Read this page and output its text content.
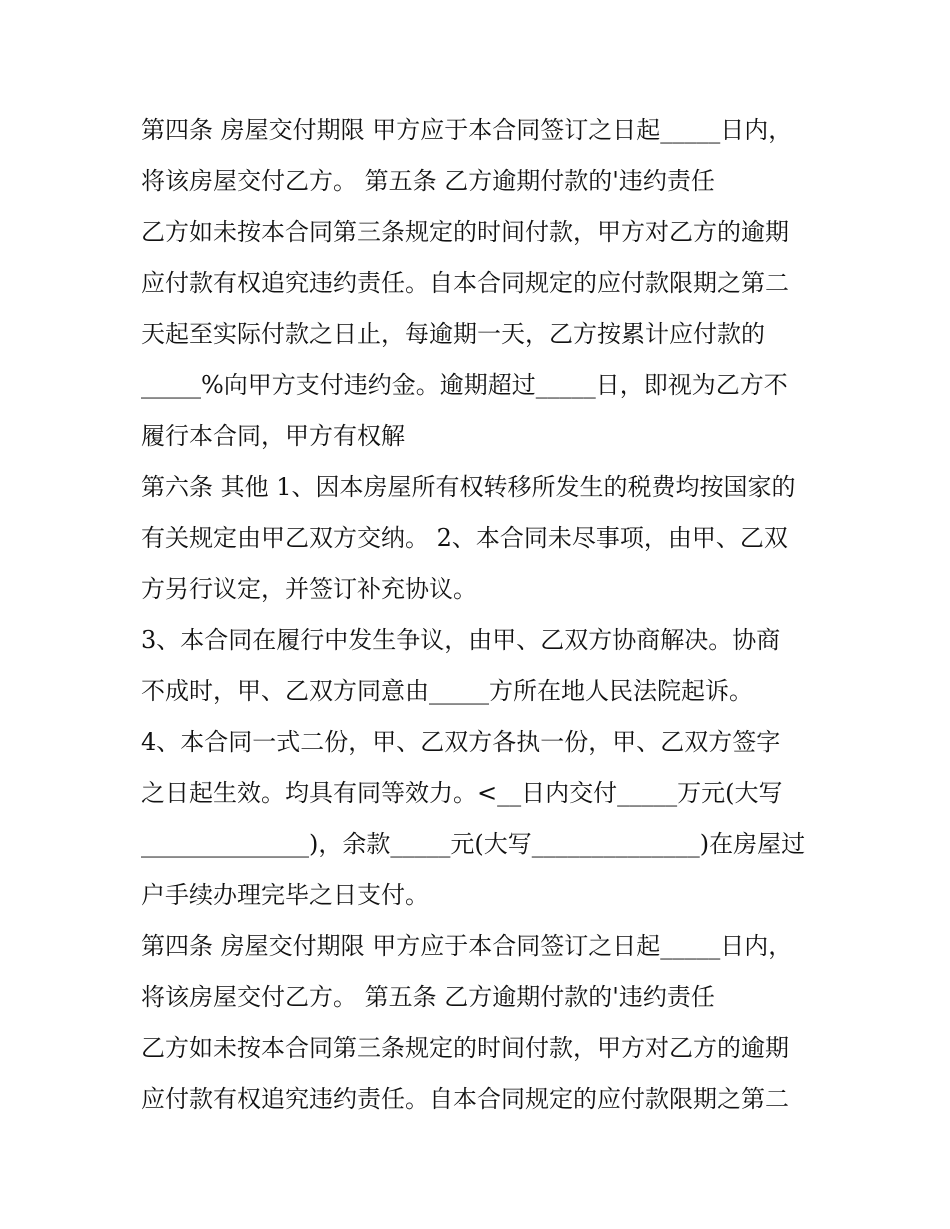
第四条 房屋交付期限 甲方应于本合同签订之日起_____日内，
将该房屋交付乙方。 第五条 乙方逾期付款的'违约责任
乙方如未按本合同第三条规定的时间付款，甲方对乙方的逾期
应付款有权追究违约责任。自本合同规定的应付款限期之第二
天起至实际付款之日止，每逾期一天，乙方按累计应付款的
_____%向甲方支付违约金。逾期超过_____日，即视为乙方不
履行本合同，甲方有权解
第六条 其他 1、因本房屋所有权转移所发生的税费均按国家的
有关规定由甲乙双方交纳。 2、本合同未尽事项，由甲、乙双
方另行议定，并签订补充协议。
3、本合同在履行中发生争议，由甲、乙双方协商解决。协商
不成时，甲、乙双方同意由_____方所在地人民法院起诉。
4、本合同一式二份，甲、乙双方各执一份，甲、乙双方签字
之日起生效。均具有同等效力。<__日内交付_____万元(大写
______________)，余款_____元(大写______________)在房屋过
户手续办理完毕之日支付。
第四条 房屋交付期限 甲方应于本合同签订之日起_____日内，
将该房屋交付乙方。 第五条 乙方逾期付款的'违约责任
乙方如未按本合同第三条规定的时间付款，甲方对乙方的逾期
应付款有权追究违约责任。自本合同规定的应付款限期之第二
